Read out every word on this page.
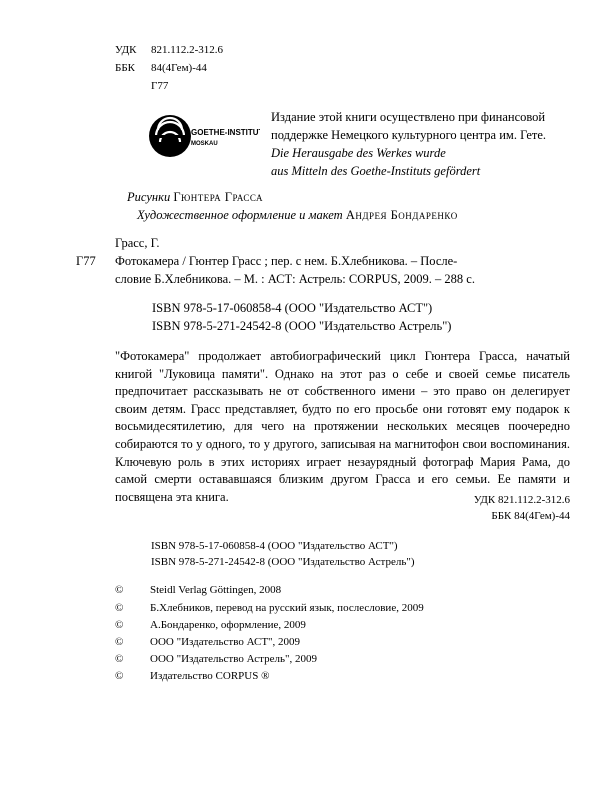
УДК 821.112.2-312.6
ББК 84(4Гем)-44
Г77
GOETHE-INSTITUT
MOSKAU
Издание этой книги осуществлено при финансовой
поддержке Немецкого культурного центра им. Гете.
Die Herausgabe des Werkes wurde
aus Mitteln des Goethe-Instituts gefördert
Рисунки Гюнтера Грасса
Художественное оформление и макет Андрея Бондаренко
Грасс, Г.
Г77 Фотокамера / Гюнтер Грасс ; пер. с нем. Б.Хлебникова. – После-
словие Б.Хлебникова. – М. : АСТ: Астрель: CORPUS, 2009. – 288 с.
ISBN 978-5-17-060858-4 (ООО "Издательство АСТ")
ISBN 978-5-271-24542-8 (ООО "Издательство Астрель")
"Фотокамера" продолжает автобиографический цикл Гюнтера Грасса, начатый книгой "Луковица памяти". Однако на этот раз о себе и своей семье писатель предпочитает рассказывать не от собственного имени – это право он делегирует своим детям. Грасс представляет, будто по его просьбе они готовят ему подарок к восьмидесятилетию, для чего на протяжении нескольких месяцев поочередно собираются то у одного, то у другого, записывая на магнитофон свои воспоминания. Ключевую роль в этих историях играет незаурядный фотограф Мария Рама, до самой смерти остававшаяся близким другом Грасса и его семьи. Ее памяти и посвящена эта книга.	УДК 821.112.2-312.6
ББК 84(4Гем)-44
ISBN 978-5-17-060858-4 (ООО "Издательство АСТ")
ISBN 978-5-271-24542-8 (ООО "Издательство Астрель")
© Steidl Verlag Göttingen, 2008
© Б.Хлебников, перевод на русский язык, послесловие, 2009
© А.Бондаренко, оформление, 2009
© ООО "Издательство АСТ", 2009
© ООО "Издательство Астрель", 2009
© Издательство CORPUS ®
